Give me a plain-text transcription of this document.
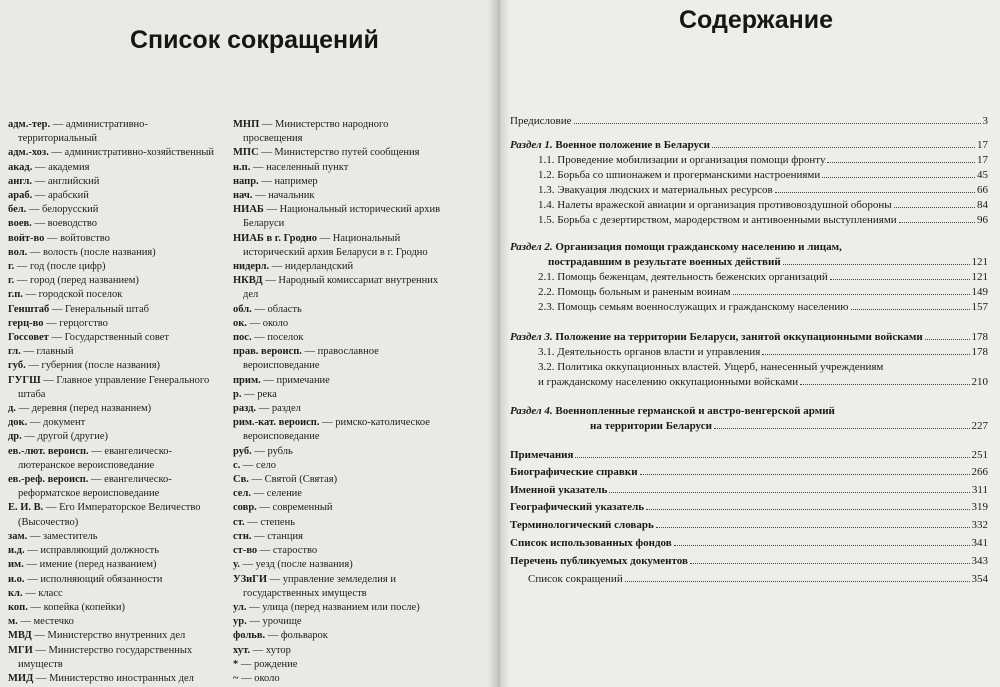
Список сокращений

адм.-тер. — административно-территориальный

адм.-хоз. — административно-хозяйственный

акад. — академия

англ. — английский

араб. — арабский

бел. — белорусский

воев. — воеводство

войт-во — войтовство

вол. — волость (после названия)

г. — год (после цифр)

г. — город (перед названием)

г.п. — городской поселок

Генштаб — Генеральный штаб

герц-во — герцогство

Госсовет — Государственный совет

гл. — главный

губ. — губерния (после названия)

ГУГШ — Главное управление Генерального штаба

д. — деревня (перед названием)

док. — документ

др. — другой (другие)

ев.-лют. вероисп. — евангелическо-лютеранское вероисповедание

ев.-реф. вероисп. — евангелическо-реформатское вероисповедание

Е. И. В. — Его Императорское Величество (Высочество)

зам. — заместитель

и.д. — исправляющий должность

им. — имение (перед названием)

и.о. — исполняющий обязанности

кл. — класс

коп. — копейка (копейки)

м. — местечко

МВД — Министерство внутренних дел

МГИ — Министерство государственных имуществ

МИД — Министерство иностранных дел

МНП — Министерство народного просвещения

МПС — Министерство путей сообщения

н.п. — населенный пункт

напр. — например

нач. — начальник

НИАБ — Национальный исторический архив Беларуси

НИАБ в г. Гродно — Национальный исторический архив Беларуси в г. Гродно

нидерл. — нидерландский

НКВД — Народный комиссариат внутренних дел

обл. — область

ок. — около

пос. — поселок

прав. вероисп. — православное вероисповедание

прим. — примечание

р. — река

разд. — раздел

рим.-кат. вероисп. — римско-католическое вероисповедание

руб. — рубль

с. — село

Св. — Святой (Святая)

сел. — селение

совр. — современный

ст. — степень

стн. — станция

ст-во — староство

у. — уезд (после названия)

УЗиГИ — управление земледелия и государственных имуществ

ул. — улица (перед названием или после)

ур. — урочище

фольв. — фольварок

хут. — хутор

* — рождение

~ — около

Содержание
Предисловие	3
Раздел 1. Военное положение в Беларуси	17
1.1. Проведение мобилизации и организация помощи фронту	17
1.2. Борьба со шпионажем и прогерманскими настроениями	45
1.3. Эвакуация людских и материальных ресурсов	66
1.4. Налеты вражеской авиации и организация противовоздушной обороны	84
1.5. Борьба с дезертирством, мародерством и антивоенными выступлениями	96
Раздел 2. Организация помощи гражданскому населению и лицам,
пострадавшим в результате военных действий	121
2.1. Помощь беженцам, деятельность беженских организаций	121
2.2. Помощь больным и раненым воинам	149
2.3. Помощь семьям военнослужащих и гражданскому населению	157
Раздел 3. Положение на территории Беларуси, занятой оккупационными войсками	178
3.1. Деятельность органов власти и управления	178
3.2. Политика оккупационных властей. Ущерб, нанесенный учреждениям
и гражданскому населению оккупационными войсками	210
Раздел 4. Военнопленные германской и австро-венгерской армий
на территории Беларуси	227
Примечания	251
Биографические справки	266
Именной указатель	311
Географический указатель	319
Терминологический словарь	332
Список использованных фондов	341
Перечень публикуемых документов	343
Список сокращений	354
